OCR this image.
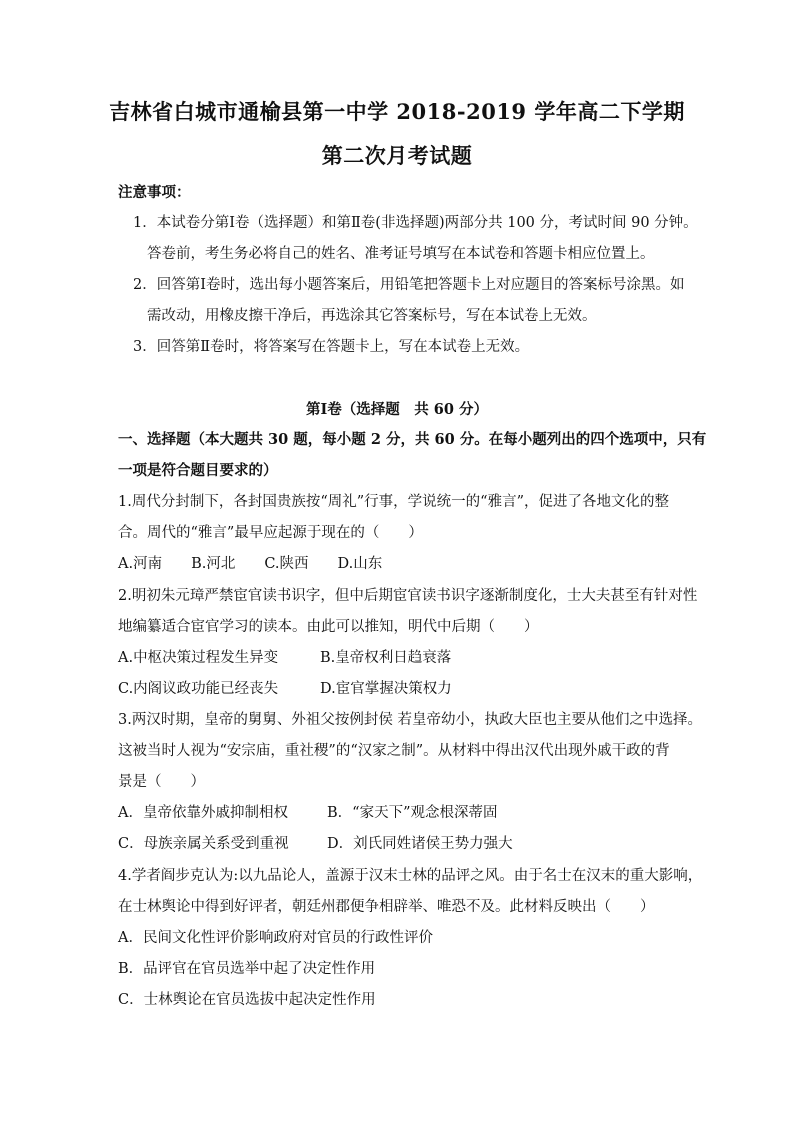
吉林省白城市通榆县第一中学 2018-2019 学年高二下学期
第二次月考试题
注意事项：
1．本试卷分第Ⅰ卷（选择题）和第Ⅱ卷(非选择题)两部分共 100 分，考试时间 90 分钟。
答卷前，考生务必将自己的姓名、准考证号填写在本试卷和答题卡相应位置上。
2．回答第Ⅰ卷时，选出每小题答案后，用铅笔把答题卡上对应题目的答案标号涂黑。如
需改动，用橡皮擦干净后，再选涂其它答案标号，写在本试卷上无效。
3．回答第Ⅱ卷时，将答案写在答题卡上，写在本试卷上无效。
第Ⅰ卷（选择题　共 60 分）
一、选择题（本大题共 30 题，每小题 2 分，共 60 分。在每小题列出的四个选项中，只有
一项是符合题目要求的）
1.周代分封制下，各封国贵族按“周礼”行事，学说统一的“雅言”，促进了各地文化的整
合。周代的“雅言”最早应起源于现在的（　　）
A.河南　　B.河北　　C.陕西　　D.山东
2.明初朱元璋严禁宦官读书识字，但中后期宦官读书识字逐渐制度化，士大夫甚至有针对性
地编纂适合宦官学习的读本。由此可以推知，明代中后期（　　）
A.中枢决策过程发生异变	B.皇帝权利日趋衰落
C.内阁议政功能已经丧失	D.宦官掌握决策权力
3.两汉时期，皇帝的舅舅、外祖父按例封侯 若皇帝幼小，执政大臣也主要从他们之中选择。
这被当时人视为“安宗庙，重社稷”的“汉家之制”。从材料中得出汉代出现外戚干政的背
景是（　　）
A．皇帝依靠外戚抑制相权	B．“家天下”观念根深蒂固
C．母族亲属关系受到重视	D．刘氏同姓诸侯王势力强大
4.学者阎步克认为:以九品论人，盖源于汉末士林的品评之风。由于名士在汉末的重大影响，
在士林舆论中得到好评者，朝廷州郡便争相辟举、唯恐不及。此材料反映出（　　）
A．民间文化性评价影响政府对官员的行政性评价
B．品评官在官员选举中起了决定性作用
C．士林舆论在官员选拔中起决定性作用
